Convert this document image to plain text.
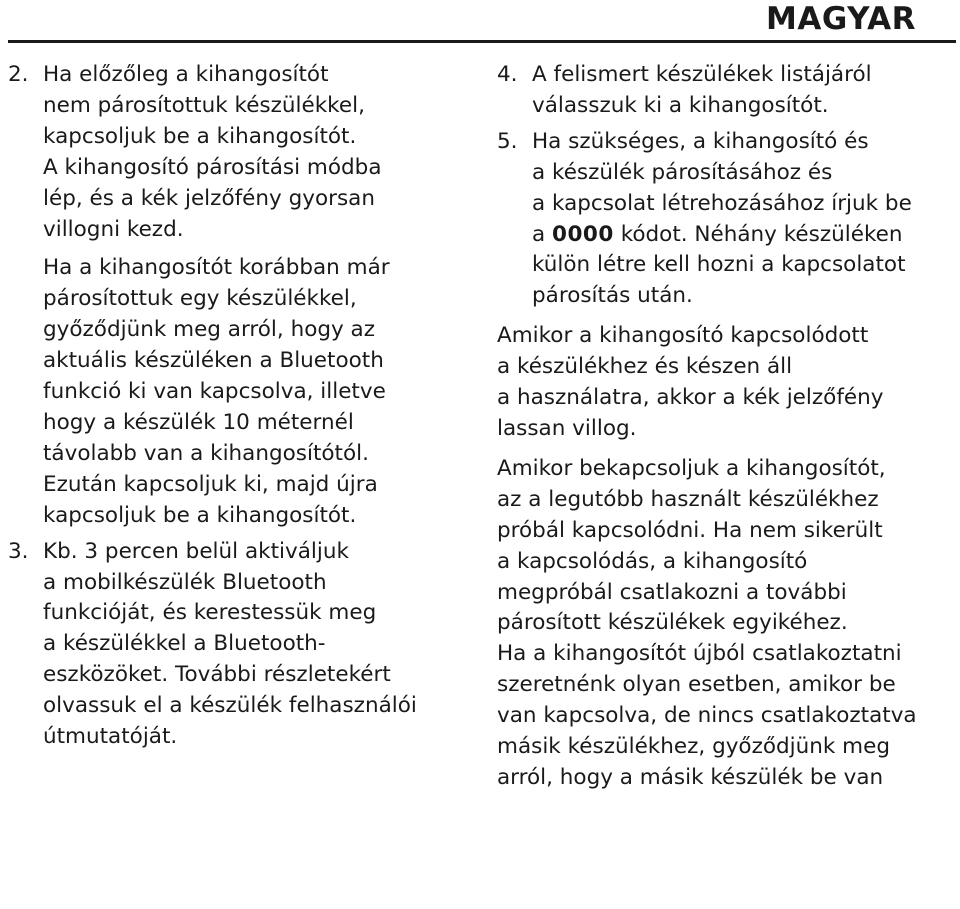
MAGYAR
2. Ha előzőleg a kihangosítót
nem párosítottuk készülékkel,
kapcsoljuk be a kihangosítót.
A kihangosító párosítási módba
lép, és a kék jelzőfény gyorsan
villogni kezd.
Ha a kihangosítót korábban már
párosítottuk egy készülékkel,
győződjünk meg arról, hogy az
aktuális készüléken a Bluetooth
funkció ki van kapcsolva, illetve
hogy a készülék 10 méternél
távolabb van a kihangosítótól.
Ezután kapcsoljuk ki, majd újra
kapcsoljuk be a kihangosítót.
3. Kb. 3 percen belül aktiváljuk
a mobilkészülék Bluetooth
funkcióját, és kerestessük meg
a készülékkel a Bluetooth-
eszközöket. További részletekért
olvassuk el a készülék felhasználói
útmutatóját.
4. A felismert készülékek listájáról
válasszuk ki a kihangosítót.
5. Ha szükséges, a kihangosító és
a készülék párosításához és
a kapcsolat létrehozásához írjuk be
a 0000 kódot. Néhány készüléken
külön létre kell hozni a kapcsolatot
párosítás után.
Amikor a kihangosító kapcsolódott
a készülékhez és készen áll
a használatra, akkor a kék jelzőfény
lassan villog.
Amikor bekapcsoljuk a kihangosítót,
az a legutóbb használt készülékhez
próbál kapcsolódni. Ha nem sikerült
a kapcsolódás, a kihangosító
megpróbál csatlakozni a további
párosított készülékek egyikéhez.
Ha a kihangosítót újból csatlakoztatni
szeretnénk olyan esetben, amikor be
van kapcsolva, de nincs csatlakoztatva
másik készülékhez, győződjünk meg
arról, hogy a másik készülék be van
